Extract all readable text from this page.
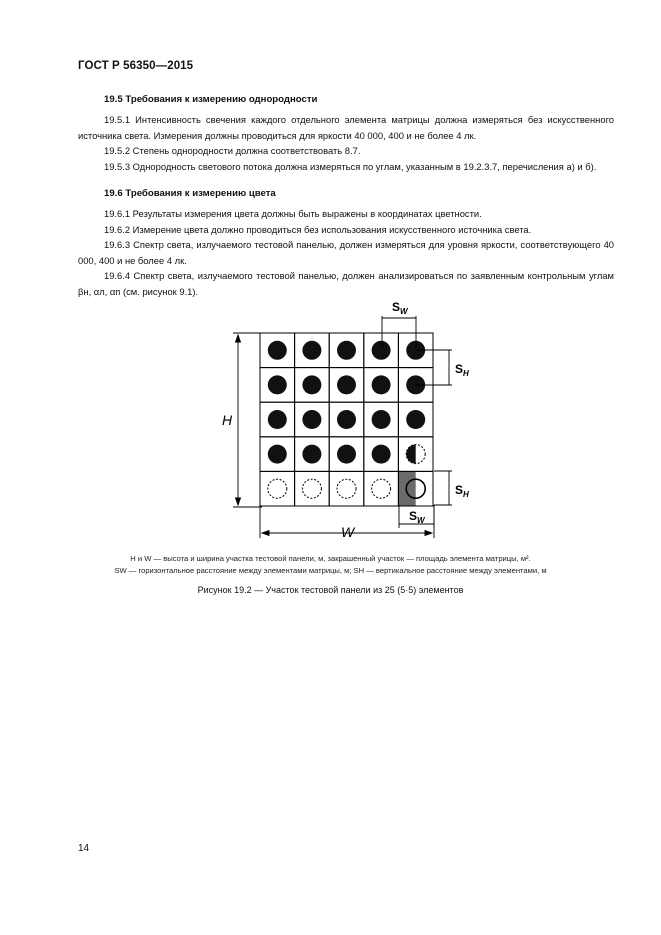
ГОСТ Р 56350—2015
19.5 Требования к измерению однородности

19.5.1 Интенсивность свечения каждого отдельного элемента матрицы должна измеряться без искусственного источника света. Измерения должны проводиться для яркости 40 000, 400 и не более 4 лк.

19.5.2 Степень однородности должна соответствовать 8.7.

19.5.3 Однородность светового потока должна измеряться по углам, указанным в 19.2.3.7, перечисления а) и б).

19.6 Требования к измерению цвета

19.6.1 Результаты измерения цвета должны быть выражены в координатах цветности.

19.6.2 Измерение цвета должно проводиться без использования искусственного источника света.

19.6.3 Спектр света, излучаемого тестовой панелью, должен измеряться для уровня яркости, соответствующего 40 000, 400 и не более 4 лк.

19.6.4 Спектр света, излучаемого тестовой панелью, должен анализироваться по заявленным контрольным углам βн, αл, αп (см. рисунок 9.1).

H
W
$S_W$
$S_H$
$S_H$
$S_W$
H и W — высота и ширина участка тестовой панели, м, закрашенный участок — площадь элемента матрицы, м².
SW — горизонтальное расстояние между элементами матрицы, м; SH — вертикальное расстояние между элементами, м
Рисунок 19.2 — Участок тестовой панели из 25 (5·5) элементов
14
